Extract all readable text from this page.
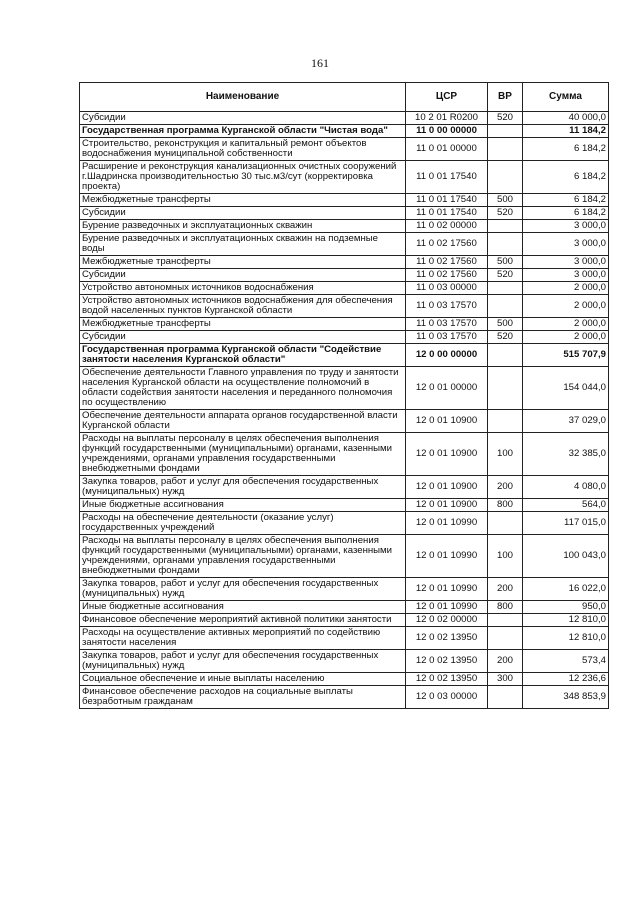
161
Наименование	ЦСР	ВР	Сумма
Субсидии	10 2 01 R0200	520	40 000,0
Государственная программа Курганской области "Чистая вода"	11 0 00 00000		11 184,2
Строительство, реконструкция и капитальный ремонт объектов водоснабжения муниципальной собственности	11 0 01 00000		6 184,2
Расширение и реконструкция канализационных очистных сооружений г.Шадринска производительностью 30 тыс.м3/сут (корректировка проекта)	11 0 01 17540		6 184,2
Межбюджетные трансферты	11 0 01 17540	500	6 184,2
Субсидии	11 0 01 17540	520	6 184,2
Бурение разведочных и эксплуатационных скважин	11 0 02 00000		3 000,0
Бурение разведочных и эксплуатационных скважин на подземные воды	11 0 02 17560		3 000,0
Межбюджетные трансферты	11 0 02 17560	500	3 000,0
Субсидии	11 0 02 17560	520	3 000,0
Устройство автономных источников водоснабжения	11 0 03 00000		2 000,0
Устройство автономных источников водоснабжения для обеспечения водой населенных пунктов Курганской области	11 0 03 17570		2 000,0
Межбюджетные трансферты	11 0 03 17570	500	2 000,0
Субсидии	11 0 03 17570	520	2 000,0
Государственная программа Курганской области "Содействие занятости населения Курганской области"	12 0 00 00000		515 707,9
Обеспечение деятельности Главного управления по труду и занятости населения Курганской области на осуществление полномочий в области содействия занятости населения и переданного полномочия по осуществлению	12 0 01 00000		154 044,0
Обеспечение деятельности аппарата органов государственной власти Курганской области	12 0 01 10900		37 029,0
Расходы на выплаты персоналу в целях обеспечения выполнения функций государственными (муниципальными) органами, казенными учреждениями, органами управления государственными внебюджетными фондами	12 0 01 10900	100	32 385,0
Закупка товаров, работ и услуг для обеспечения государственных (муниципальных) нужд	12 0 01 10900	200	4 080,0
Иные бюджетные ассигнования	12 0 01 10900	800	564,0
Расходы на обеспечение деятельности (оказание услуг) государственных учреждений	12 0 01 10990		117 015,0
Расходы на выплаты персоналу в целях обеспечения выполнения функций государственными (муниципальными) органами, казенными учреждениями, органами управления государственными внебюджетными фондами	12 0 01 10990	100	100 043,0
Закупка товаров, работ и услуг для обеспечения государственных (муниципальных) нужд	12 0 01 10990	200	16 022,0
Иные бюджетные ассигнования	12 0 01 10990	800	950,0
Финансовое обеспечение мероприятий активной политики занятости	12 0 02 00000		12 810,0
Расходы на осуществление активных мероприятий по содействию занятости населения	12 0 02 13950		12 810,0
Закупка товаров, работ и услуг для обеспечения государственных (муниципальных) нужд	12 0 02 13950	200	573,4
Социальное обеспечение и иные выплаты населению	12 0 02 13950	300	12 236,6
Финансовое обеспечение расходов на социальные выплаты безработным гражданам	12 0 03 00000		348 853,9
